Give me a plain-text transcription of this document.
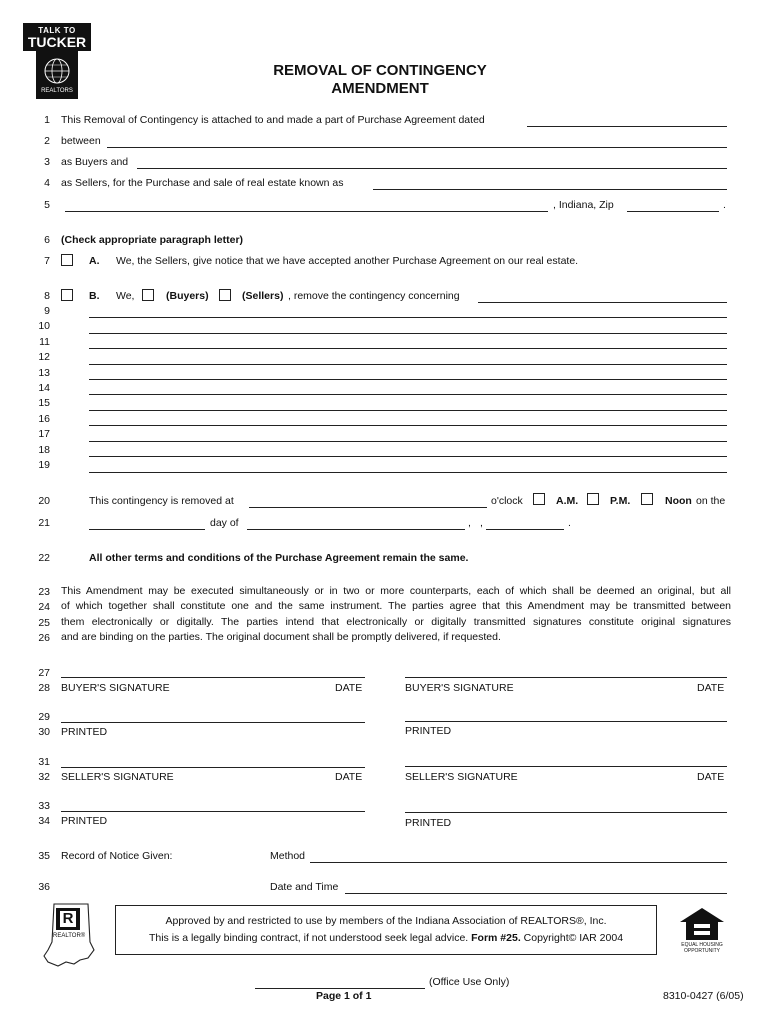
TALK TO
TUCKER
REALTORS
REMOVAL OF CONTINGENCY
AMENDMENT
1
2
3
4
5
6
7
8
9
10
11
12
13
14
15
16
17
18
19
20
21
22
23
24
25
26
27
28
29
30
31
32
33
34
35
36
This Removal of Contingency is attached to and made a part of Purchase Agreement dated
between
as Buyers and
as Sellers, for the Purchase and sale of real estate known as
, Indiana, Zip	.
(Check appropriate paragraph letter)
A. We, the Sellers, give notice that we have accepted another Purchase Agreement on our real estate.
B. We,	(Buyers)	(Sellers) , remove the contingency concerning
This contingency is removed at	o'clock	A.M.	P.M.	Noon on the
day of	, ,	.
All other terms and conditions of the Purchase Agreement remain the same.
This Amendment may be executed simultaneously or in two or more counterparts, each of which shall be deemed an original, but all
of which together shall constitute one and the same instrument. The parties agree that this Amendment may be transmitted between
them electronically or digitally. The parties intend that electronically or digitally transmitted signatures constitute original signatures
and are binding on the parties. The original document shall be promptly delivered, if requested.
BUYER'S SIGNATURE	DATE	BUYER'S SIGNATURE	DATE
PRINTED	PRINTED
SELLER'S SIGNATURE	DATE	SELLER'S SIGNATURE	DATE
PRINTED	PRINTED
Record of Notice Given:	Method
Date and Time
R
REALTOR®
Approved by and restricted to use by members of the Indiana Association of REALTORS®, Inc.
This is a legally binding contract, if not understood seek legal advice. Form #25. Copyright© IAR 2004
EQUAL HOUSING OPPORTUNITY
(Office Use Only)
Page 1 of 1	8310-0427 (6/05)
